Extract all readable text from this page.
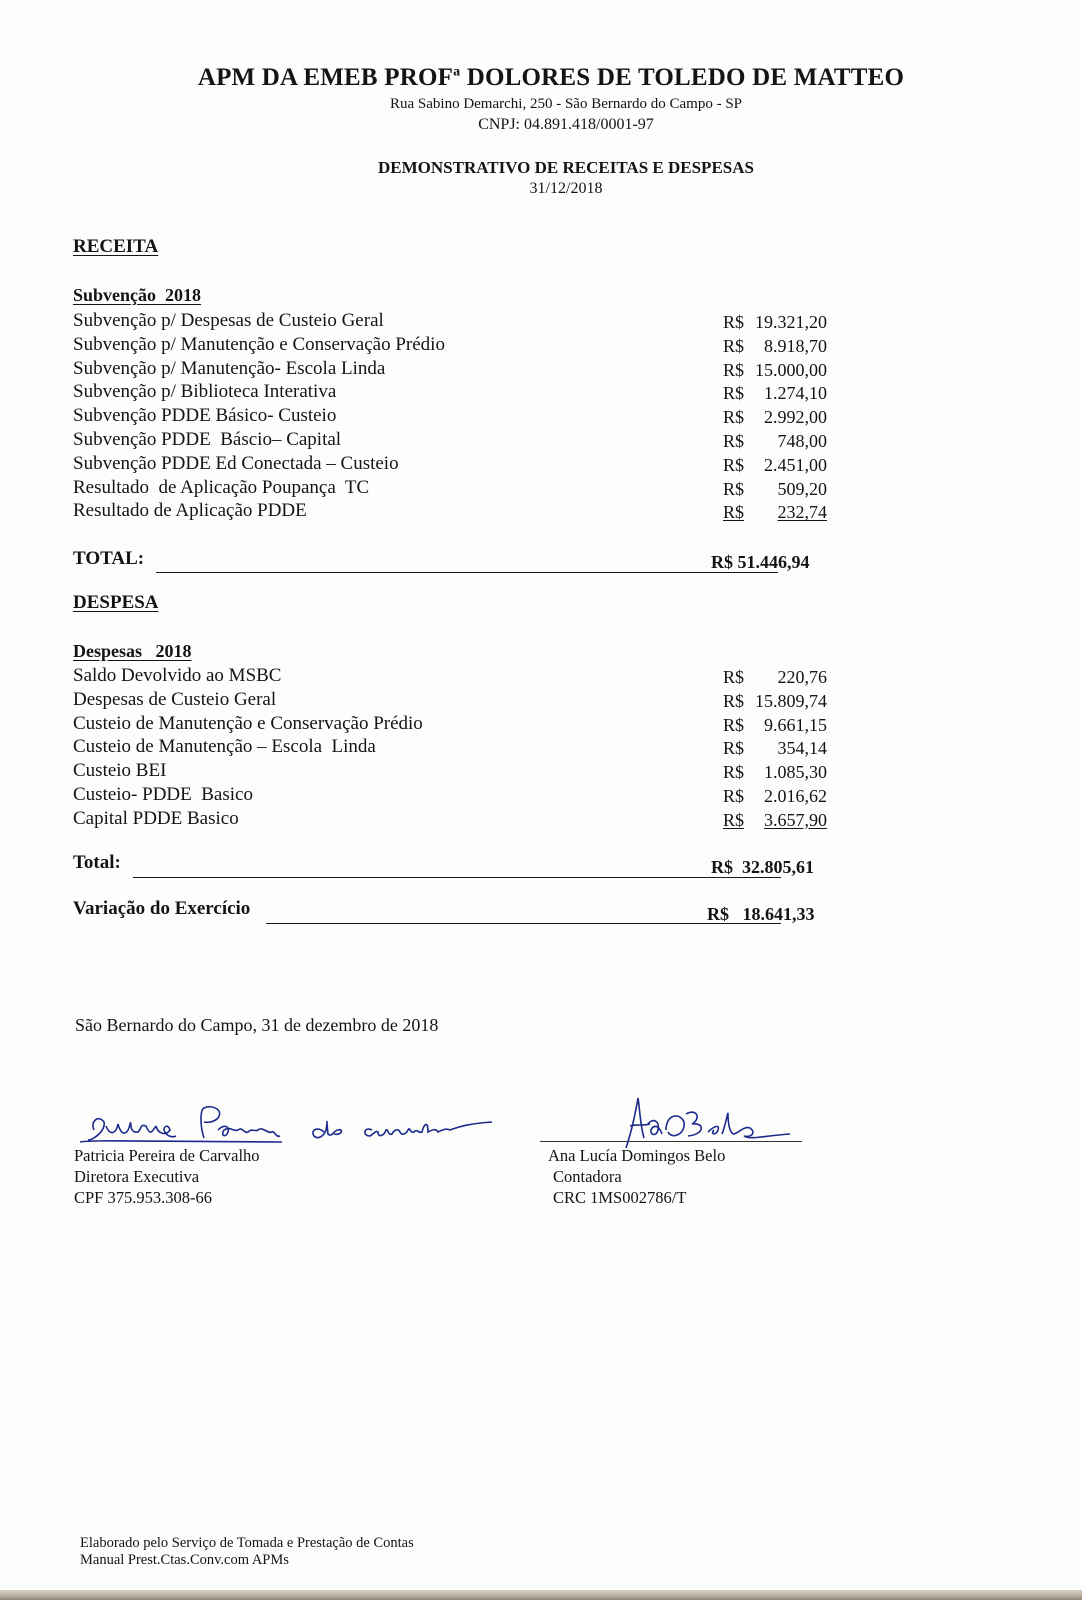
APM DA EMEB PROF$^a$ DOLORES DE TOLEDO DE MATTEO
Rua Sabino Demarchi, 250 - São Bernardo do Campo - SP
CNPJ: 04.891.418/0001-97
DEMONSTRATIVO DE RECEITAS E DESPESAS
31/12/2018
RECEITA
Subvenção  2018
Subvenção p/ Despesas de Custeio Geral	R$ 19.321,20
Subvenção p/ Manutenção e Conservação Prédio	R$ 8.918,70
Subvenção p/ Manutenção- Escola Linda	R$ 15.000,00
Subvenção p/ Biblioteca Interativa	R$ 1.274,10
Subvenção PDDE Básico- Custeio	R$ 2.992,00
Subvenção PDDE  Báscio– Capital	R$ 748,00
Subvenção PDDE Ed Conectada – Custeio	R$ 2.451,00
Resultado  de Aplicação Poupança  TC	R$ 509,20
Resultado de Aplicação PDDE	R$ 232,74
TOTAL:	R$ 51.446,94
DESPESA
Despesas   2018
Saldo Devolvido ao MSBC	R$ 220,76
Despesas de Custeio Geral	R$ 15.809,74
Custeio de Manutenção e Conservação Prédio	R$ 9.661,15
Custeio de Manutenção – Escola  Linda	R$ 354,14
Custeio BEI	R$ 1.085,30
Custeio- PDDE  Basico	R$ 2.016,62
Capital PDDE Basico	R$ 3.657,90
Total:	R$  32.805,61
Variação do Exercício	R$   18.641,33
São Bernardo do Campo, 31 de dezembro de 2018
Patricia Pereira de Carvalho
Diretora Executiva
CPF 375.953.308-66
Ana Lucía Domingos Belo
Contadora
CRC 1MS002786/T
Elaborado pelo Serviço de Tomada e Prestação de Contas
Manual Prest.Ctas.Conv.com APMs
